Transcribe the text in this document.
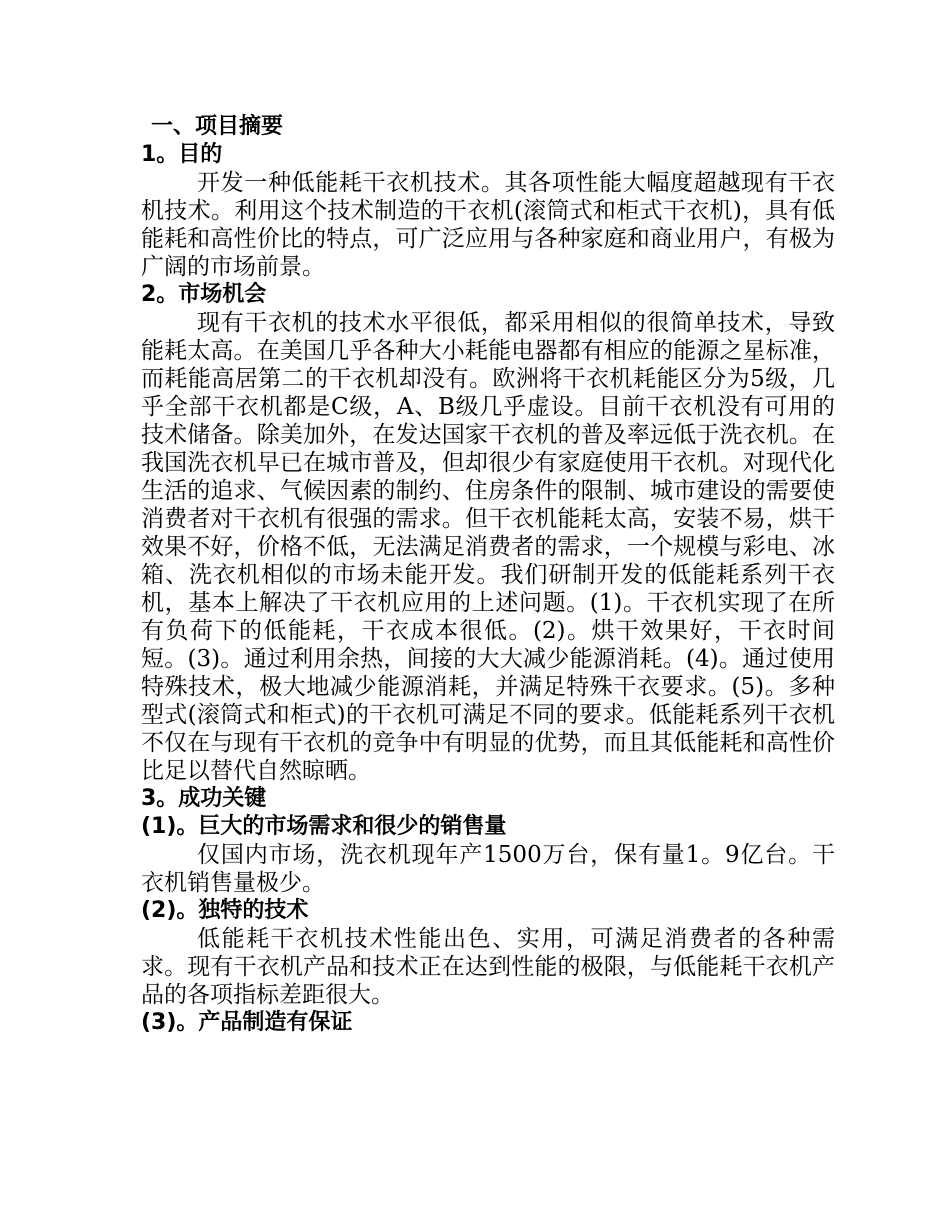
一、项目摘要
1。目的

开发一种低能耗干衣机技术。其各项性能大幅度超越现有干衣机技术。利用这个技术制造的干衣机(滚筒式和柜式干衣机)，具有低能耗和高性价比的特点，可广泛应用与各种家庭和商业用户，有极为广阔的市场前景。

2。市场机会

现有干衣机的技术水平很低，都采用相似的很简单技术，导致能耗太高。在美国几乎各种大小耗能电器都有相应的能源之星标准，而耗能高居第二的干衣机却没有。欧洲将干衣机耗能区分为5级，几乎全部干衣机都是C级，A、B级几乎虚设。目前干衣机没有可用的技术储备。除美加外，在发达国家干衣机的普及率远低于洗衣机。在我国洗衣机早已在城市普及，但却很少有家庭使用干衣机。对现代化生活的追求、气候因素的制约、住房条件的限制、城市建设的需要使消费者对干衣机有很强的需求。但干衣机能耗太高，安装不易，烘干效果不好，价格不低，无法满足消费者的需求，一个规模与彩电、冰箱、洗衣机相似的市场未能开发。我们研制开发的低能耗系列干衣机，基本上解决了干衣机应用的上述问题。(1)。干衣机实现了在所有负荷下的低能耗，干衣成本很低。(2)。烘干效果好，干衣时间短。(3)。通过利用余热，间接的大大减少能源消耗。(4)。通过使用特殊技术，极大地减少能源消耗，并满足特殊干衣要求。(5)。多种型式(滚筒式和柜式)的干衣机可满足不同的要求。低能耗系列干衣机不仅在与现有干衣机的竞争中有明显的优势，而且其低能耗和高性价比足以替代自然晾晒。

3。成功关键
(1)。巨大的市场需求和很少的销售量

仅国内市场，洗衣机现年产1500万台，保有量1。9亿台。干衣机销售量极少。

(2)。独特的技术

低能耗干衣机技术性能出色、实用，可满足消费者的各种需求。现有干衣机产品和技术正在达到性能的极限，与低能耗干衣机产品的各项指标差距很大。

(3)。产品制造有保证
